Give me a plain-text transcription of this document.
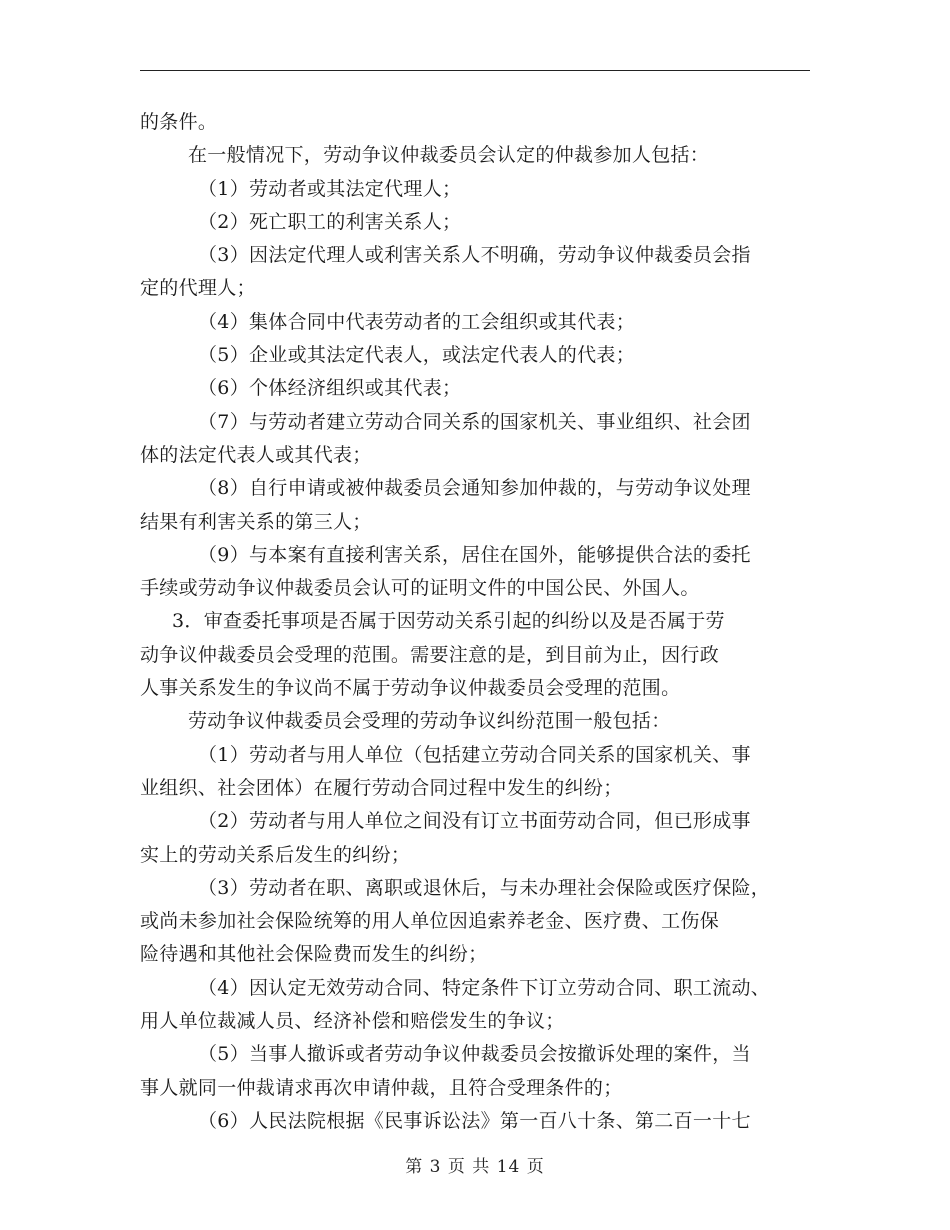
的条件。
在一般情况下，劳动争议仲裁委员会认定的仲裁参加人包括：
（1）劳动者或其法定代理人；
（2）死亡职工的利害关系人；
（3）因法定代理人或利害关系人不明确，劳动争议仲裁委员会指
定的代理人；
（4）集体合同中代表劳动者的工会组织或其代表；
（5）企业或其法定代表人，或法定代表人的代表；
（6）个体经济组织或其代表；
（7）与劳动者建立劳动合同关系的国家机关、事业组织、社会团
体的法定代表人或其代表；
（8）自行申请或被仲裁委员会通知参加仲裁的，与劳动争议处理
结果有利害关系的第三人；
（9）与本案有直接利害关系，居住在国外，能够提供合法的委托
手续或劳动争议仲裁委员会认可的证明文件的中国公民、外国人。
3．审查委托事项是否属于因劳动关系引起的纠纷以及是否属于劳
动争议仲裁委员会受理的范围。需要注意的是，到目前为止，因行政
人事关系发生的争议尚不属于劳动争议仲裁委员会受理的范围。
劳动争议仲裁委员会受理的劳动争议纠纷范围一般包括：
（1）劳动者与用人单位（包括建立劳动合同关系的国家机关、事
业组织、社会团体）在履行劳动合同过程中发生的纠纷；
（2）劳动者与用人单位之间没有订立书面劳动合同，但已形成事
实上的劳动关系后发生的纠纷；
（3）劳动者在职、离职或退休后，与未办理社会保险或医疗保险，
或尚未参加社会保险统筹的用人单位因追索养老金、医疗费、工伤保
险待遇和其他社会保险费而发生的纠纷；
（4）因认定无效劳动合同、特定条件下订立劳动合同、职工流动、
用人单位裁减人员、经济补偿和赔偿发生的争议；
（5）当事人撤诉或者劳动争议仲裁委员会按撤诉处理的案件，当
事人就同一仲裁请求再次申请仲裁，且符合受理条件的；
（6）人民法院根据《民事诉讼法》第一百八十条、第二百一十七
第 3 页 共 14 页
